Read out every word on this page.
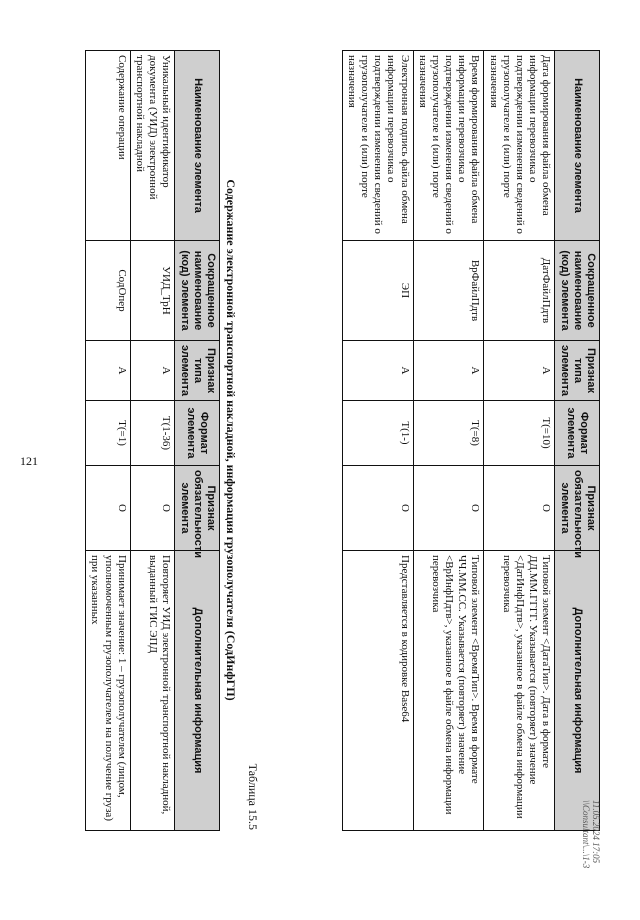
121
Наименование элемента	Сокращенное наименование (код) элемента	Признак типа элемента	Формат элемента	Признак обязательности элемента	Дополнительная информация
Дата формирования файла обмена информации перевозчика о подтверждении изменения сведений о грузополучателе и (или) порте назначения	ДатФайлПдтв	А	T(=10)	О	Типовой элемент <ДатаТип>. Дата в формате ДД.ММ.ГГГГ. Указывается (повторяет) значение <ДатИнфПдтв>, указанное в файле обмена информации перевозчика
Время формирования файла обмена информации перевозчика о подтверждении изменения сведений о грузополучателе и (или) порте назначения	ВрФайлПдтв	А	T(=8)	О	Типовой элемент <ВремяТип>. Время в формате ЧЧ.ММ.СС. Указывается (повторяет) значение <ВрИнфПдтв>, указанное в файле обмена информации перевозчика
Электронная подпись файла обмена информации перевозчика о подтверждении изменения сведений о грузополучателе и (или) порте назначения	ЭП	А	T(1-)	О	Представляется в кодировке Base64
Таблица 15.5
Содержание электронной транспортной накладной, информация грузополучателя (СодИнфГП)
Наименование элемента	Сокращенное наименование (код) элемента	Признак типа элемента	Формат элемента	Признак обязательности элемента	Дополнительная информация
Уникальный идентификатор документа (УИД) электронной транспортной накладной	УИД_ТрН	А	T(1-36)	О	Повторяет УИД электронной транспортной накладной, выданный ГИС ЭПД
Содержание операции	СодОпер	А	T(=1)	О	Принимает значение: 1 – грузополучателем (лицом, уполномоченным грузополучателем на получение груза) при указанных
11.05.2024 17:05 \\Consultant\...\1-3
